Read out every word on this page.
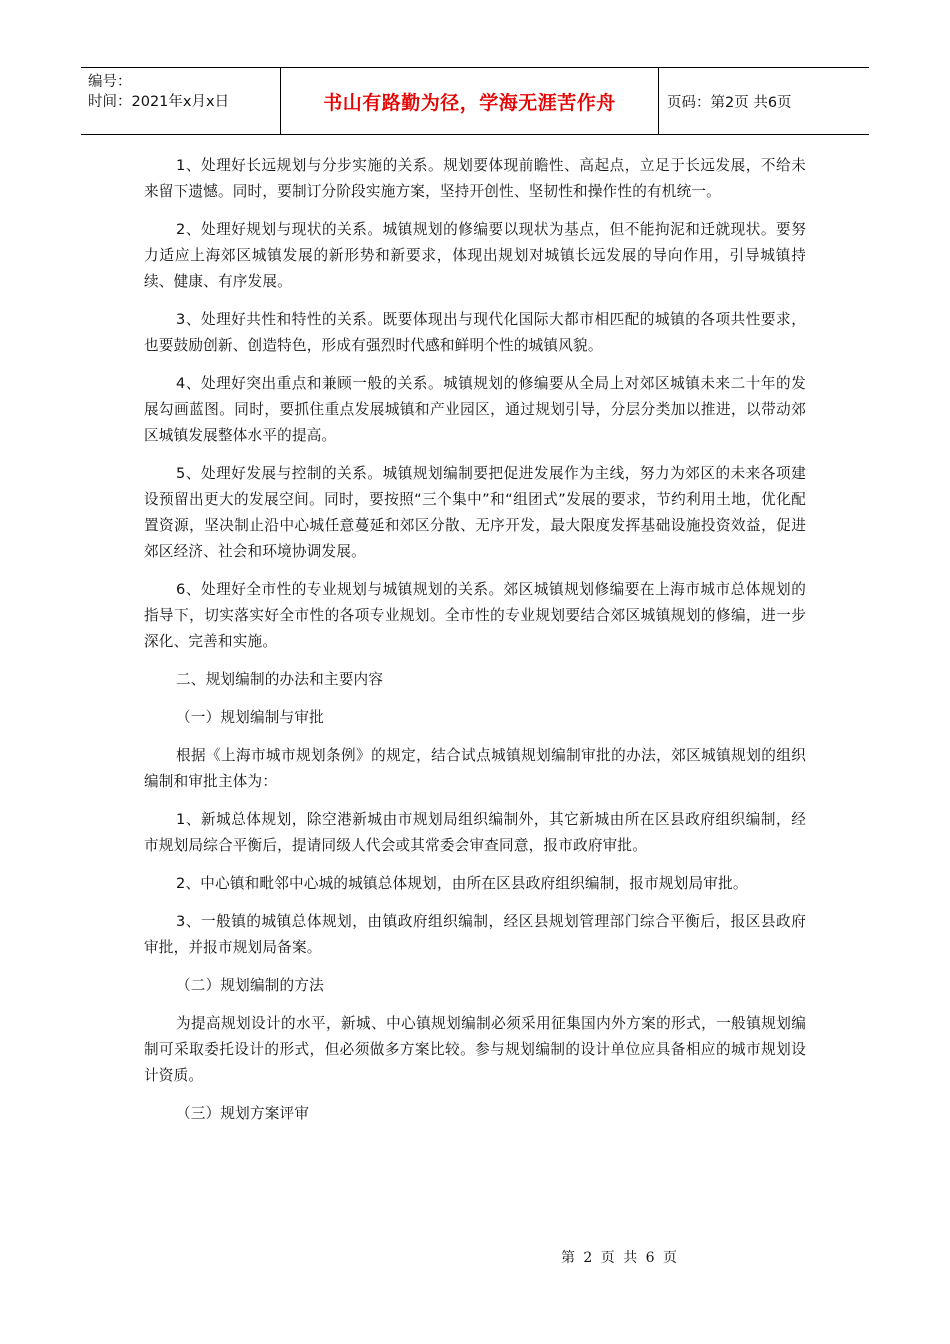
编号：
时间：2021年x月x日	书山有路勤为径，学海无涯苦作舟	页码：第2页 共6页

1、处理好长远规划与分步实施的关系。规划要体现前瞻性、高起点，立足于长远发展，不给未来留下遗憾。同时，要制订分阶段实施方案，坚持开创性、坚韧性和操作性的有机统一。

2、处理好规划与现状的关系。城镇规划的修编要以现状为基点，但不能拘泥和迁就现状。要努力适应上海郊区城镇发展的新形势和新要求，体现出规划对城镇长远发展的导向作用，引导城镇持续、健康、有序发展。

3、处理好共性和特性的关系。既要体现出与现代化国际大都市相匹配的城镇的各项共性要求，也要鼓励创新、创造特色，形成有强烈时代感和鲜明个性的城镇风貌。

4、处理好突出重点和兼顾一般的关系。城镇规划的修编要从全局上对郊区城镇未来二十年的发展勾画蓝图。同时，要抓住重点发展城镇和产业园区，通过规划引导，分层分类加以推进，以带动郊区城镇发展整体水平的提高。

5、处理好发展与控制的关系。城镇规划编制要把促进发展作为主线，努力为郊区的未来各项建设预留出更大的发展空间。同时，要按照“三个集中”和“组团式”发展的要求，节约利用土地，优化配置资源，坚决制止沿中心城任意蔓延和郊区分散、无序开发，最大限度发挥基础设施投资效益，促进郊区经济、社会和环境协调发展。

6、处理好全市性的专业规划与城镇规划的关系。郊区城镇规划修编要在上海市城市总体规划的指导下，切实落实好全市性的各项专业规划。全市性的专业规划要结合郊区城镇规划的修编，进一步深化、完善和实施。

二、规划编制的办法和主要内容

（一）规划编制与审批

根据《上海市城市规划条例》的规定，结合试点城镇规划编制审批的办法，郊区城镇规划的组织编制和审批主体为：

1、新城总体规划，除空港新城由市规划局组织编制外，其它新城由所在区县政府组织编制，经市规划局综合平衡后，提请同级人代会或其常委会审查同意，报市政府审批。

2、中心镇和毗邻中心城的城镇总体规划，由所在区县政府组织编制，报市规划局审批。

3、一般镇的城镇总体规划，由镇政府组织编制，经区县规划管理部门综合平衡后，报区县政府审批，并报市规划局备案。

（二）规划编制的方法

为提高规划设计的水平，新城、中心镇规划编制必须采用征集国内外方案的形式，一般镇规划编制可采取委托设计的形式，但必须做多方案比较。参与规划编制的设计单位应具备相应的城市规划设计资质。

（三）规划方案评审

第 2 页 共 6 页
